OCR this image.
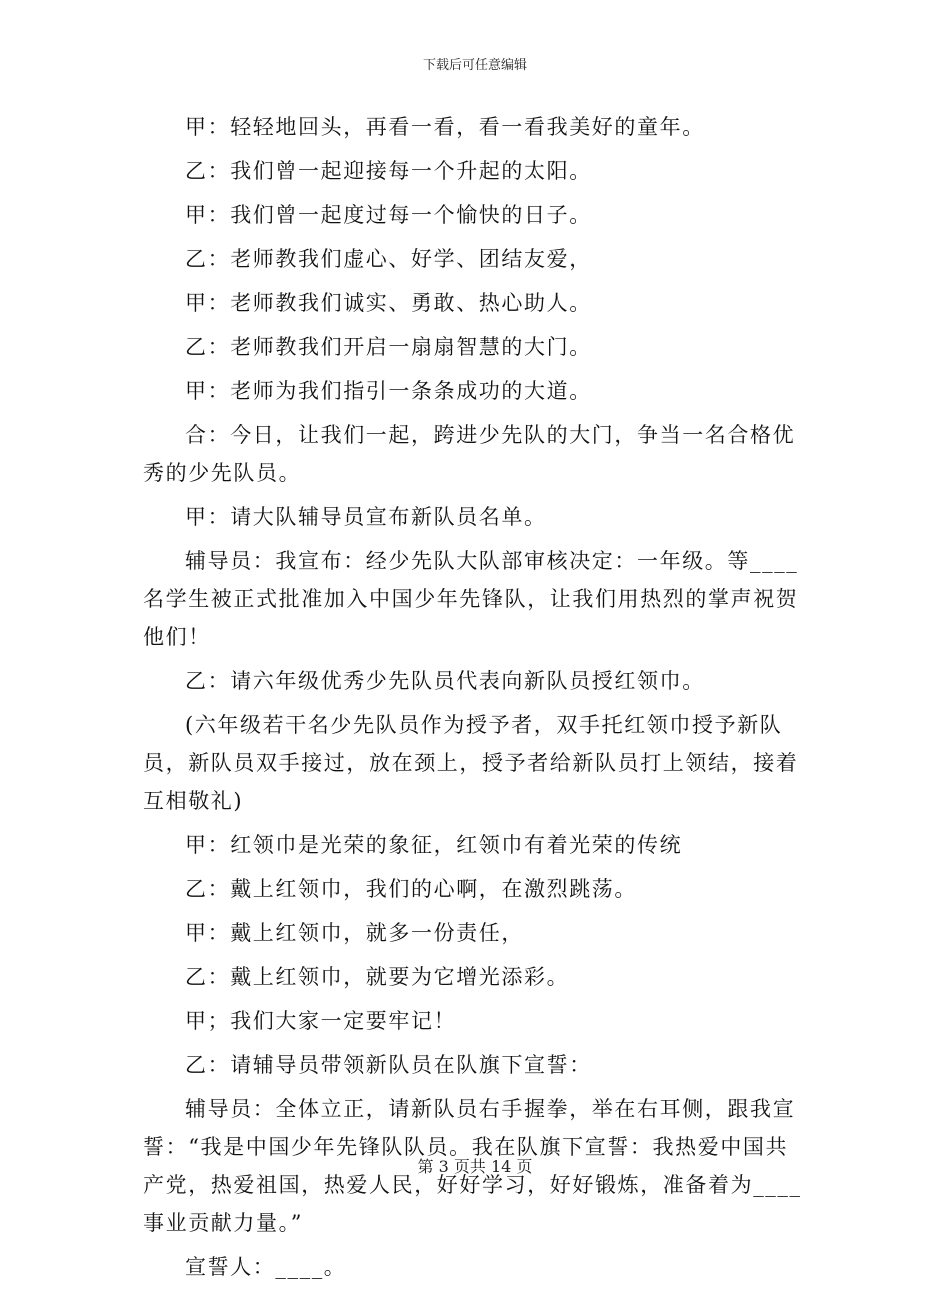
下载后可任意编辑

甲：轻轻地回头，再看一看，看一看我美好的童年。

乙：我们曾一起迎接每一个升起的太阳。

甲：我们曾一起度过每一个愉快的日子。

乙：老师教我们虚心、好学、团结友爱，

甲：老师教我们诚实、勇敢、热心助人。

乙：老师教我们开启一扇扇智慧的大门。

甲：老师为我们指引一条条成功的大道。

合：今日，让我们一起，跨进少先队的大门，争当一名合格优秀的少先队员。

甲：请大队辅导员宣布新队员名单。

辅导员：我宣布：经少先队大队部审核决定：一年级。等____名学生被正式批准加入中国少年先锋队，让我们用热烈的掌声祝贺他们！

乙：请六年级优秀少先队员代表向新队员授红领巾。

(六年级若干名少先队员作为授予者，双手托红领巾授予新队员，新队员双手接过，放在颈上，授予者给新队员打上领结，接着互相敬礼)

甲：红领巾是光荣的象征，红领巾有着光荣的传统

乙：戴上红领巾，我们的心啊，在激烈跳荡。

甲：戴上红领巾，就多一份责任，

乙：戴上红领巾，就要为它增光添彩。

甲；我们大家一定要牢记！

乙：请辅导员带领新队员在队旗下宣誓：

辅导员：全体立正，请新队员右手握拳，举在右耳侧，跟我宣誓：“我是中国少年先锋队队员。我在队旗下宣誓：我热爱中国共产党，热爱祖国，热爱人民，好好学习，好好锻炼，准备着为____事业贡献力量。”

宣誓人：____。

第 3 页共 14 页
